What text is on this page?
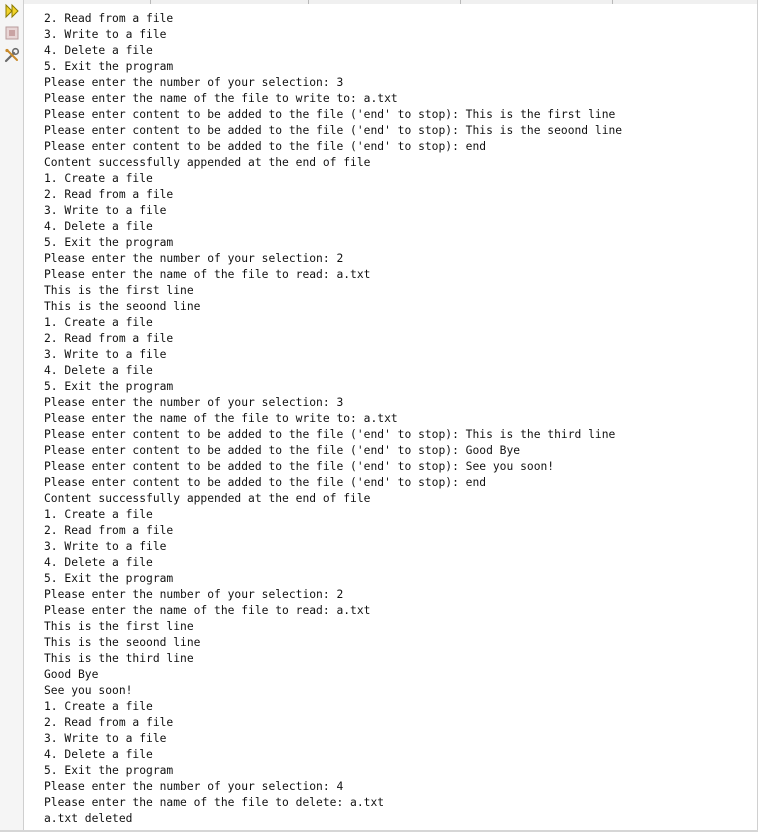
2. Read from a file
3. Write to a file
4. Delete a file
5. Exit the program
Please enter the number of your selection: 3
Please enter the name of the file to write to: a.txt
Please enter content to be added to the file ('end' to stop): This is the first line
Please enter content to be added to the file ('end' to stop): This is the seoond line
Please enter content to be added to the file ('end' to stop): end
Content successfully appended at the end of file
1. Create a file
2. Read from a file
3. Write to a file
4. Delete a file
5. Exit the program
Please enter the number of your selection: 2
Please enter the name of the file to read: a.txt
This is the first line
This is the seoond line
1. Create a file
2. Read from a file
3. Write to a file
4. Delete a file
5. Exit the program
Please enter the number of your selection: 3
Please enter the name of the file to write to: a.txt
Please enter content to be added to the file ('end' to stop): This is the third line
Please enter content to be added to the file ('end' to stop): Good Bye
Please enter content to be added to the file ('end' to stop): See you soon!
Please enter content to be added to the file ('end' to stop): end
Content successfully appended at the end of file
1. Create a file
2. Read from a file
3. Write to a file
4. Delete a file
5. Exit the program
Please enter the number of your selection: 2
Please enter the name of the file to read: a.txt
This is the first line
This is the seoond line
This is the third line
Good Bye
See you soon!
1. Create a file
2. Read from a file
3. Write to a file
4. Delete a file
5. Exit the program
Please enter the number of your selection: 4
Please enter the name of the file to delete: a.txt
a.txt deleted
